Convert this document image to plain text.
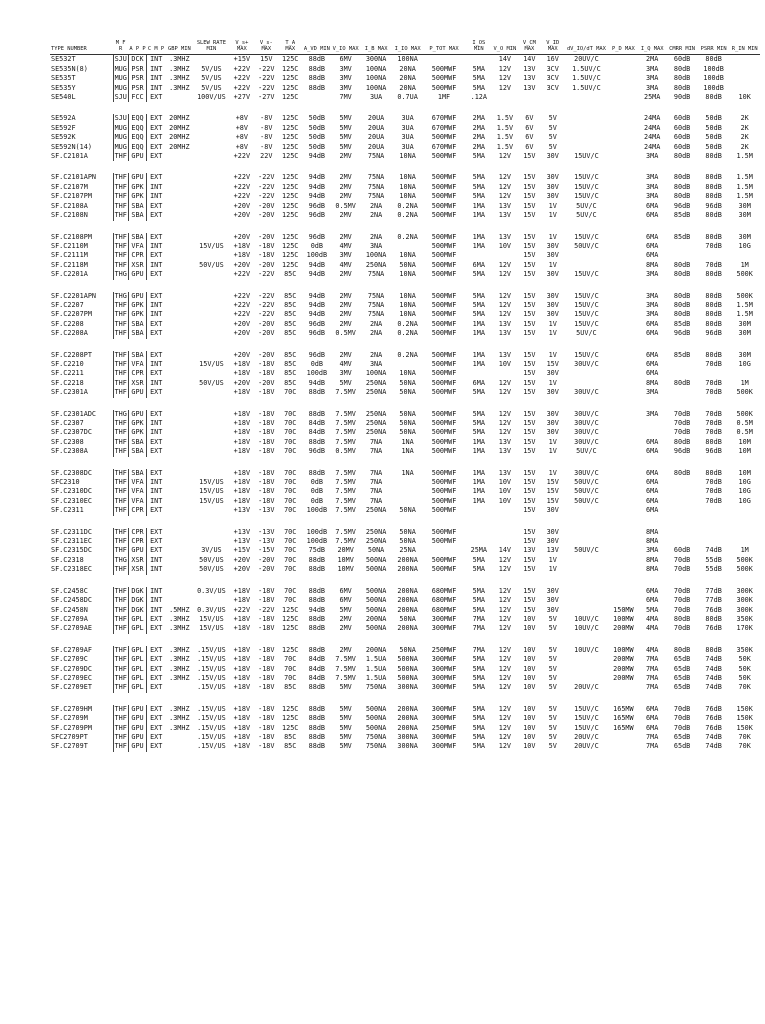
TYPE NUMBER	M F R	A P P	C M P	GBP MIN	SLEW RATE MIN	V_s+ MAX	V_s- MAX	T_A MAX	A_VD MIN	V_IO MAX	I_B MAX	I_IO MAX	P_TOT MAX	I_OS MIN	V_O MIN	V_CM MAX	V_ID MAX	dV_IO/dT MAX	P_D MAX	I_Q MAX	CMRR MIN	PSRR MIN	R_IN MIN
SE532T	SJU	DCK	INT	.3MHZ		+15V	15V	125C	88dB	6MV	300NA	100NA			14V	14V	16V	20UV/C		2MA	60dB	80dB	
SE535N(8)	MUG	PSR	INT	.3MHZ	5V/US	+22V	-22V	125C	88dB	3MV	100NA	20NA	500MWF	5MA	12V	13V	3CV	1.5UV/C		3MA	80dB	100dB	
SE535T	MUG	PSR	INT	.3MHZ	5V/US	+22V	-22V	125C	88dB	3MV	100NA	20NA	500MWF	5MA	12V	13V	3CV	1.5UV/C		3MA	80dB	100dB	
SE535Y	MUG	PSR	INT	.3MHZ	5V/US	+22V	-22V	125C	88dB	3MV	100NA	20NA	500MWF	5MA	12V	13V	3CV	1.5UV/C		3MA	80dB	100dB	
SE540L	SJU	FCC	EXT		100V/US	+27V	-27V	125C		7MV	3UA	0.7UA	1MF	.12A						25MA	90dB	80dB	10K

SE592A	SJU	EQQ	EXT	20MHZ		+8V	-8V	125C	50dB	5MV	20UA	3UA	670MWF	2MA	1.5V	6V	5V			24MA	60dB	50dB	2K
SE592F	MUG	EQQ	EXT	20MHZ		+8V	-8V	125C	50dB	5MV	20UA	3UA	670MWF	2MA	1.5V	6V	5V			24MA	60dB	50dB	2K
SE592K	MUG	EQQ	EXT	20MHZ		+8V	-8V	125C	50dB	5MV	20UA	3UA	500MWF	2MA	1.5V	6V	5V			24MA	60dB	50dB	2K
SE592N(14)	MUG	EQQ	EXT	20MHZ		+8V	-8V	125C	50dB	5MV	20UA	3UA	670MWF	2MA	1.5V	6V	5V			24MA	60dB	50dB	2K
SF.C2101A	THF	GPU	EXT			+22V	22V	125C	94dB	2MV	75NA	10NA	500MWF	5MA	12V	15V	30V	15UV/C		3MA	80dB	80dB	1.5M

SF.C2101APN	THF	GPU	EXT			+22V	-22V	125C	94dB	2MV	75NA	10NA	500MWF	5MA	12V	15V	30V	15UV/C		3MA	80dB	80dB	1.5M
SF.C2107M	THF	GPK	INT			+22V	-22V	125C	94dB	2MV	75NA	10NA	500MWF	5MA	12V	15V	30V	15UV/C		3MA	80dB	80dB	1.5M
SF.C2107PM	THF	GPK	INT			+22V	-22V	125C	94dB	2MV	75NA	10NA	500MWF	5MA	12V	15V	30V	15UV/C		3MA	80dB	80dB	1.5M
SF.C2108A	THF	SBA	EXT			+20V	-20V	125C	96dB	0.5MV	2NA	0.2NA	500MWF	1MA	13V	15V	1V	5UV/C		6MA	96dB	96dB	30M
SF.C2108N	THF	SBA	EXT			+20V	-20V	125C	96dB	2MV	2NA	0.2NA	500MWF	1MA	13V	15V	1V	5UV/C		6MA	85dB	80dB	30M

SF.C2108PM	THF	SBA	EXT			+20V	-20V	125C	96dB	2MV	2NA	0.2NA	500MWF	1MA	13V	15V	1V	15UV/C		6MA	85dB	80dB	30M
SF.C2110M	THF	VFA	INT		15V/US	+18V	-18V	125C	0dB	4MV	3NA		500MWF	1MA	10V	15V	30V	50UV/C		6MA		70dB	10G
SF.C2111M	THF	CPR	EXT			+18V	-18V	125C	100dB	3MV	100NA	10NA	500MWF			15V	30V			6MA			
SF.C2118M	THF	XSR	INT		50V/US	+20V	-20V	125C	94dB	4MV	250NA	50NA	500MWF	6MA	12V	15V	1V			8MA	80dB	70dB	1M
SF.C2201A	THG	GPU	EXT			+22V	-22V	85C	94dB	2MV	75NA	10NA	500MWF	5MA	12V	15V	30V	15UV/C		3MA	80dB	80dB	500K

SF.C2201APN	THG	GPU	EXT			+22V	-22V	85C	94dB	2MV	75NA	10NA	500MWF	5MA	12V	15V	30V	15UV/C		3MA	80dB	80dB	500K
SF.C2207	THF	GPK	INT			+22V	-22V	85C	94dB	2MV	75NA	10NA	500MWF	5MA	12V	15V	30V	15UV/C		3MA	80dB	80dB	1.5M
SF.C2207PM	THF	GPK	INT			+22V	-22V	85C	94dB	2MV	75NA	10NA	500MWF	5MA	12V	15V	30V	15UV/C		3MA	80dB	80dB	1.5M
SF.C2208	THF	SBA	EXT			+20V	-20V	85C	96dB	2MV	2NA	0.2NA	500MWF	1MA	13V	15V	1V	15UV/C		6MA	85dB	80dB	30M
SF.C2208A	THF	SBA	EXT			+20V	-20V	85C	96dB	0.5MV	2NA	0.2NA	500MWF	1MA	13V	15V	1V	5UV/C		6MA	96dB	96dB	30M

SF.C2208PT	THF	SBA	EXT			+20V	-20V	85C	96dB	2MV	2NA	0.2NA	500MWF	1MA	13V	15V	1V	15UV/C		6MA	85dB	80dB	30M
SF.C2210	THF	VFA	INT		15V/US	+18V	-18V	85C	0dB	4MV	3NA		500MWF	1MA	10V	15V	15V	30UV/C		6MA		70dB	10G
SF.C2211	THF	CPR	EXT			+18V	-18V	85C	100dB	3MV	100NA	10NA	500MWF			15V	30V			6MA			
SF.C2218	THF	XSR	INT		50V/US	+20V	-20V	85C	94dB	5MV	250NA	50NA	500MWF	6MA	12V	15V	1V			8MA	80dB	70dB	1M
SF.C2301A	THF	GPU	EXT			+18V	-18V	70C	88dB	7.5MV	250NA	50NA	500MWF	5MA	12V	15V	30V	30UV/C		3MA		70dB	500K

SF.C2301ADC	THG	GPU	EXT			+18V	-18V	70C	88dB	7.5MV	250NA	50NA	500MWF	5MA	12V	15V	30V	30UV/C		3MA	70dB	70dB	500K
SF.C2307	THF	GPK	INT			+18V	-18V	70C	84dB	7.5MV	250NA	50NA	500MWF	5MA	12V	15V	30V	30UV/C			70dB	70dB	0.5M
SF.C2307DC	THF	GPK	INT			+18V	-18V	70C	84dB	7.5MV	250NA	50NA	500MWF	5MA	12V	15V	30V	30UV/C			70dB	70dB	0.5M
SF.C2308	THF	SBA	EXT			+18V	-18V	70C	88dB	7.5MV	7NA	1NA	500MWF	1MA	13V	15V	1V	30UV/C		6MA	80dB	80dB	10M
SF.C2308A	THF	SBA	EXT			+18V	-18V	70C	96dB	0.5MV	7NA	1NA	500MWF	1MA	13V	15V	1V	5UV/C		6MA	96dB	96dB	10M

SF.C2308DC	THF	SBA	EXT			+18V	-18V	70C	88dB	7.5MV	7NA	1NA	500MWF	1MA	13V	15V	1V	30UV/C		6MA	80dB	80dB	10M
SFC2310	THF	VFA	INT		15V/US	+18V	-18V	70C	0dB	7.5MV	7NA		500MWF	1MA	10V	15V	15V	50UV/C		6MA		70dB	10G
SF.C2310DC	THF	VFA	INT		15V/US	+18V	-18V	70C	0dB	7.5MV	7NA		500MWF	1MA	10V	15V	15V	50UV/C		6MA		70dB	10G
SF.C2310EC	THF	VFA	INT		15V/US	+18V	-18V	70C	0dB	7.5MV	7NA		500MWF	1MA	10V	15V	15V	50UV/C		6MA		70dB	10G
SF.C2311	THF	CPR	EXT			+13V	-13V	70C	100dB	7.5MV	250NA	50NA	500MWF			15V	30V			6MA			

SF.C2311DC	THF	CPR	EXT			+13V	-13V	70C	100dB	7.5MV	250NA	50NA	500MWF			15V	30V			8MA			
SF.C2311EC	THF	CPR	EXT			+13V	-13V	70C	100dB	7.5MV	250NA	50NA	500MWF			15V	30V			8MA			
SF.C2315DC	THF	GPU	EXT		3V/US	+15V	-15V	70C	75dB	20MV	50NA	25NA		25MA	14V	13V	13V	50UV/C		3MA	60dB	74dB	1M
SF.C2318	THG	XSR	INT		50V/US	+20V	-20V	70C	88dB	10MV	500NA	200NA	500MWF	5MA	12V	15V	1V			8MA	70dB	55dB	500K
SF.C2318EC	THF	XSR	INT		50V/US	+20V	-20V	70C	88dB	10MV	500NA	200NA	500MWF	5MA	12V	15V	1V			8MA	70dB	55dB	500K

SF.C2458C	THF	DGK	INT		0.3V/US	+18V	-18V	70C	88dB	6MV	500NA	200NA	680MWF	5MA	12V	15V	30V			6MA	70dB	77dB	300K
SF.C2458DC	THF	DGK	INT			+18V	-18V	70C	88dB	6MV	500NA	200NA	680MWF	5MA	12V	15V	30V			6MA	70dB	77dB	300K
SF.C2458N	THF	DGK	INT	.5MHZ	0.3V/US	+22V	-22V	125C	94dB	5MV	500NA	200NA	680MWF	5MA	12V	15V	30V		150MW	5MA	70dB	76dB	300K
SF.C2709A	THF	GPL	EXT	.3MHZ	15V/US	+18V	-18V	125C	88dB	2MV	200NA	50NA	300MWF	7MA	12V	10V	5V	10UV/C	100MW	4MA	80dB	80dB	350K
SF.C2709AE	THF	GPL	EXT	.3MHZ	15V/US	+18V	-18V	125C	88dB	2MV	500NA	200NA	300MWF	7MA	12V	10V	5V	10UV/C	200MW	4MA	70dB	76dB	170K

SF.C2709AF	THF	GPL	EXT	.3MHZ	.15V/US	+18V	-18V	125C	88dB	2MV	200NA	50NA	250MWF	7MA	12V	10V	5V	10UV/C	100MW	4MA	80dB	80dB	350K
SF.C2709C	THF	GPL	EXT	.3MHZ	.15V/US	+18V	-18V	70C	84dB	7.5MV	1.5UA	500NA	300MWF	5MA	12V	10V	5V		200MW	7MA	65dB	74dB	50K
SF.C2709DC	THF	GPL	EXT	.3MHZ	.15V/US	+18V	-18V	70C	84dB	7.5MV	1.5UA	500NA	300MWF	5MA	12V	10V	5V		200MW	7MA	65dB	74dB	50K
SF.C2709EC	THF	GPL	EXT	.3MHZ	.15V/US	+18V	-18V	70C	84dB	7.5MV	1.5UA	500NA	300MWF	5MA	12V	10V	5V		200MW	7MA	65dB	74dB	50K
SF.C2709ET	THF	GPL	EXT		.15V/US	+18V	-18V	85C	88dB	5MV	750NA	300NA	300MWF	5MA	12V	10V	5V	20UV/C		7MA	65dB	74dB	70K

SF.C2709HM	THF	GPU	EXT	.3MHZ	.15V/US	+18V	-18V	125C	88dB	5MV	500NA	200NA	300MWF	5MA	12V	10V	5V	15UV/C	165MW	6MA	70dB	76dB	150K
SF.C2709M	THF	GPU	EXT	.3MHZ	.15V/US	+18V	-18V	125C	88dB	5MV	500NA	200NA	300MWF	5MA	12V	10V	5V	15UV/C	165MW	6MA	70dB	76dB	150K
SF.C2709PM	THF	GPU	EXT	.3MHZ	.15V/US	+18V	-18V	125C	88dB	5MV	500NA	200NA	250MWF	5MA	12V	10V	5V	15UV/C	165MW	6MA	70dB	76dB	150K
SFC2709PT	THF	GPU	EXT		.15V/US	+18V	-18V	85C	88dB	5MV	750NA	300NA	300MWF	5MA	12V	10V	5V	20UV/C		7MA	65dB	74dB	70K
SF.C2709T	THF	GPU	EXT		.15V/US	+18V	-18V	85C	88dB	5MV	750NA	300NA	300MWF	5MA	12V	10V	5V	20UV/C		7MA	65dB	74dB	70K
